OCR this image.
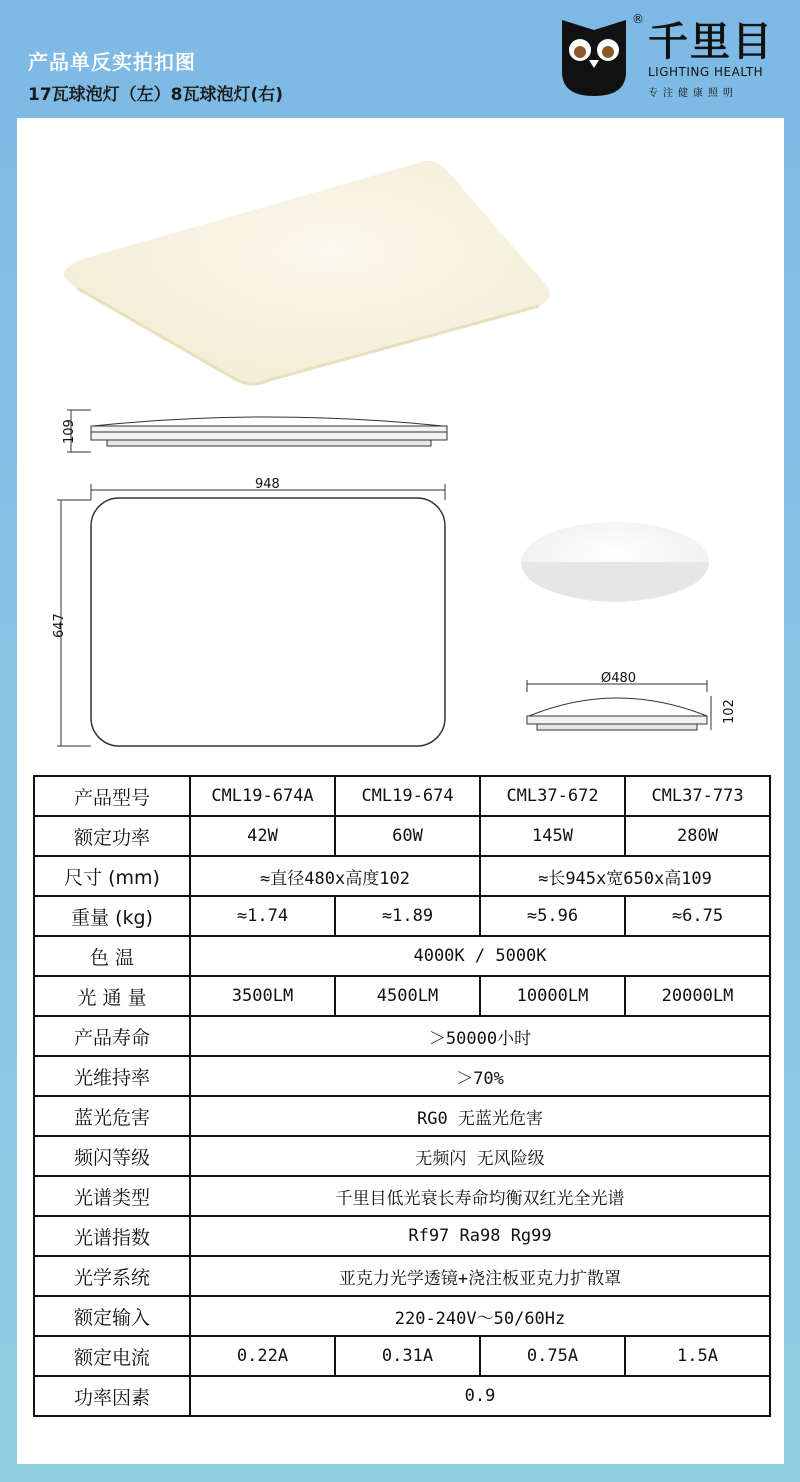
产品单反实拍扣图
17瓦球泡灯（左）8瓦球泡灯(右)
® 千里目
LIGHTING HEALTH
专注健康照明
109
948
647
Ø480
102
产品型号	CML19-674A	CML19-674	CML37-672	CML37-773
额定功率	42W	60W	145W	280W
尺寸 (mm)	≈直径480x高度102		≈长945x宽650x高109	
重量 (kg)	≈1.74	≈1.89	≈5.96	≈6.75
色 温	4000K / 5000K			
光 通 量	3500LM	4500LM	10000LM	20000LM
产品寿命	＞50000小时			
光维持率	＞70%			
蓝光危害	RG0 无蓝光危害			
频闪等级	无频闪 无风险级			
光谱类型	千里目低光衰长寿命均衡双红光全光谱			
光谱指数	Rf97 Ra98 Rg99			
光学系统	亚克力光学透镜+浇注板亚克力扩散罩			
额定输入	220-240V～50/60Hz			
额定电流	0.22A	0.31A	0.75A	1.5A
功率因素	0.9			
